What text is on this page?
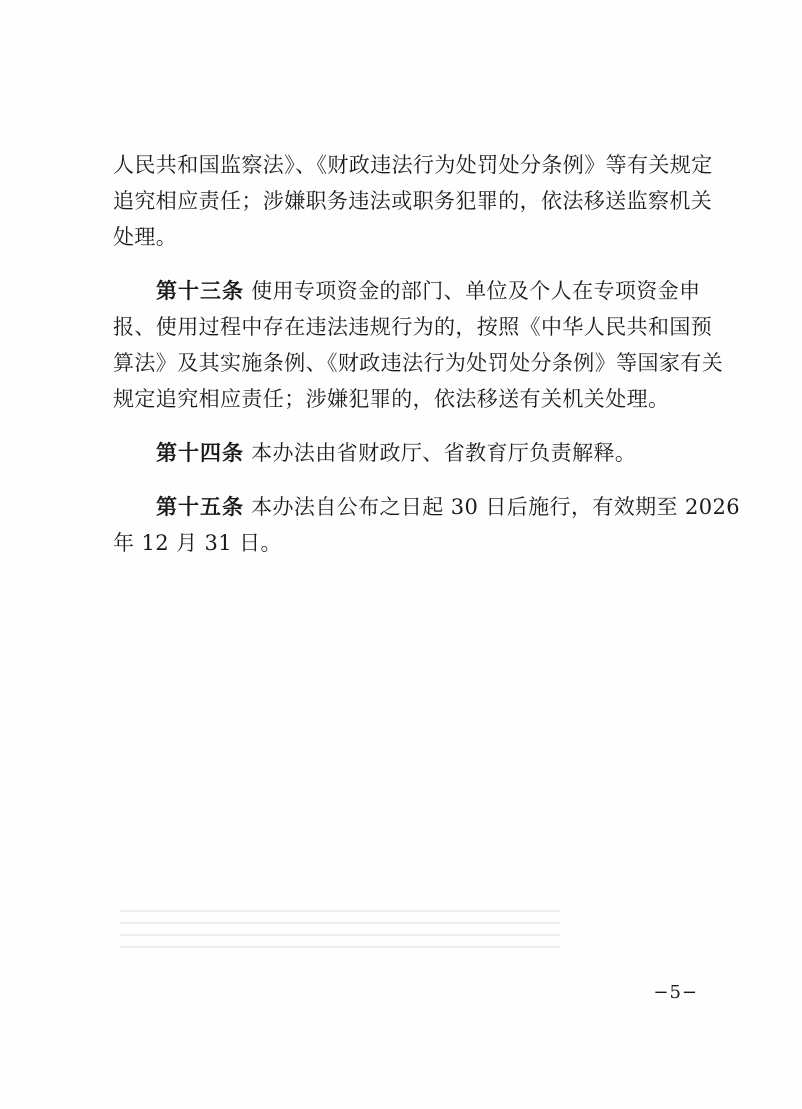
人民共和国监察法》、《财政违法行为处罚处分条例》等有关规定
追究相应责任；涉嫌职务违法或职务犯罪的，依法移送监察机关
处理。
第十三条 使用专项资金的部门、单位及个人在专项资金申
报、使用过程中存在违法违规行为的，按照《中华人民共和国预
算法》及其实施条例、《财政违法行为处罚处分条例》等国家有关
规定追究相应责任；涉嫌犯罪的，依法移送有关机关处理。
第十四条 本办法由省财政厅、省教育厅负责解释。
第十五条 本办法自公布之日起 30 日后施行，有效期至 2026
年 12 月 31 日。
−5−
